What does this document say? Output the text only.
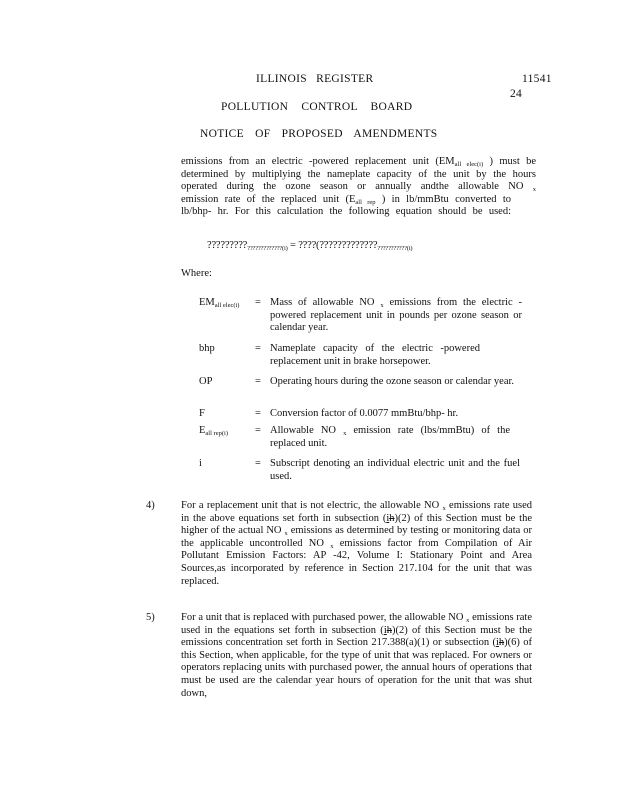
ILLINOIS REGISTER	11541
24
POLLUTION CONTROL BOARD
NOTICE OF PROPOSED AMENDMENTS
emissions from an electric -powered replacement unit ($EM_{all elec(i)}$ ) must be
determined by multiplying the nameplate capacity of the unit by the hours
operated during the ozone season or annually andthe allowable NO $_x$
emission rate of the replaced unit ($E_{all rep}$ ) in lb/mmBtu converted to
lb/bhp- hr. For this calculation the following equation should be used:
$?????????_{?????????????(i)}$ = $????(?????????????_{???????????(i)}$
Where:
$EM_{all elec(i)}$ = Mass of allowable NO $_x$ emissions from the electric - powered replacement unit in pounds per ozone season or calendar year.
bhp	= Nameplate capacity of the electric -powered replacement unit in brake horsepower.
OP	= Operating hours during the ozone season or calendar year.
F	= Conversion factor of 0.0077 mmBtu/bhp- hr.
$E_{all rep(i)}$	= Allowable NO $_x$ emission rate (lbs/mmBtu) of the replaced unit.
i	= Subscript denoting an individual electric unit and the fuel used.
4)	For a replacement unit that is not electric, the allowable NO $_x$ emissions rate used in the above equations set forth in subsection (ih)(2) of this Section must be the higher of the actual NO $_x$ emissions as determined by testing or monitoring data or the applicable uncontrolled NO $_x$ emissions factor from Compilation of Air Pollutant Emission Factors: AP -42, Volume I: Stationary Point and Area Sources,as incorporated by reference in Section 217.104 for the unit that was replaced.
5)	For a unit that is replaced with purchased power, the allowable NO $_x$ emissions rate used in the equations set forth in subsection (ih)(2) of this Section must be the emissions concentration set forth in Section 217.388(a)(1) or subsection (ih)(6) of this Section, when applicable, for the type of unit that was replaced. For owners or operators replacing units with purchased power, the annual hours of operations that must be used are the calendar year hours of operation for the unit that was shut down,
